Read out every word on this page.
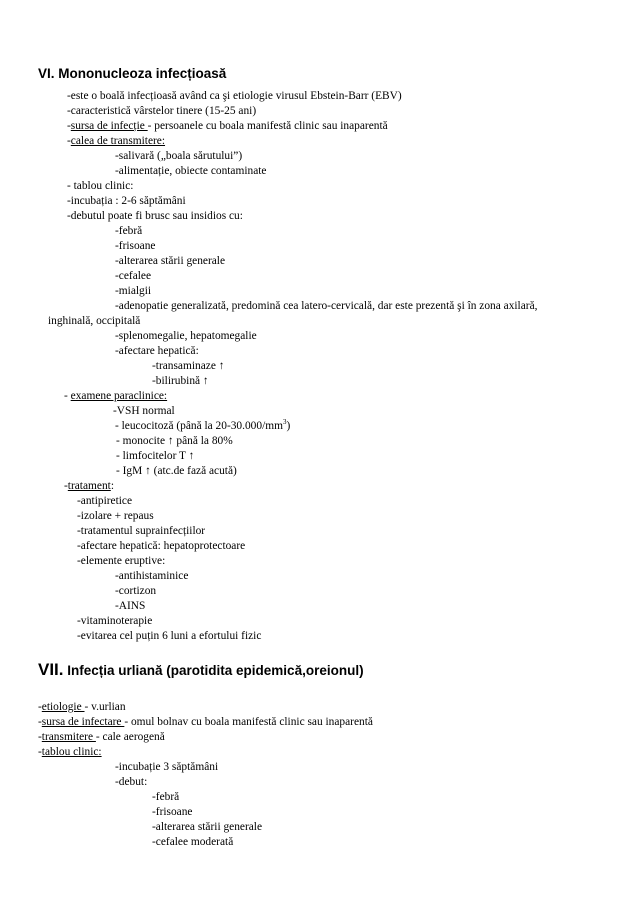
VI. Mononucleoza infecțioasă
-este o boală infecțioasă având ca şi etiologie virusul Ebstein-Barr (EBV)
-caracteristică vârstelor tinere (15-25 ani)
-sursa de infecție - persoanele cu boala manifestă clinic sau inaparentă
-calea de transmitere:
-salivară („boala sărutului”)
-alimentație, obiecte contaminate
- tablou clinic:
-incubația : 2-6 săptămâni
-debutul poate fi brusc sau insidios cu:
-febră
-frisoane
-alterarea stării generale
-cefalee
-mialgii
-adenopatie generalizată, predomină cea latero-cervicală, dar este prezentă şi în zona axilară,
inghinală, occipitală
-splenomegalie, hepatomegalie
-afectare hepatică:
-transaminaze ↑
-bilirubină ↑
- examene paraclinice:
-VSH normal
- leucocitoză (până la $20-30.000/mm^3$)
- monocite ↑ până la 80%
- limfocitelor T ↑
- IgM ↑ (atc.de fază acută)
-tratament:
-antipiretice
-izolare + repaus
-tratamentul suprainfecțiilor
-afectare hepatică: hepatoprotectoare
-elemente eruptive:
-antihistaminice
-cortizon
-AINS
-vitaminoterapie
-evitarea cel puțin 6 luni a efortului fizic
VII. Infecția urliană (parotidita epidemică,oreionul)
-etiologie - v.urlian
-sursa de infectare - omul bolnav cu boala manifestă clinic sau inaparentă
-transmitere - cale aerogenă
-tablou clinic:
-incubație 3 săptămâni
-debut:
-febră
-frisoane
-alterarea stării generale
-cefalee moderată
